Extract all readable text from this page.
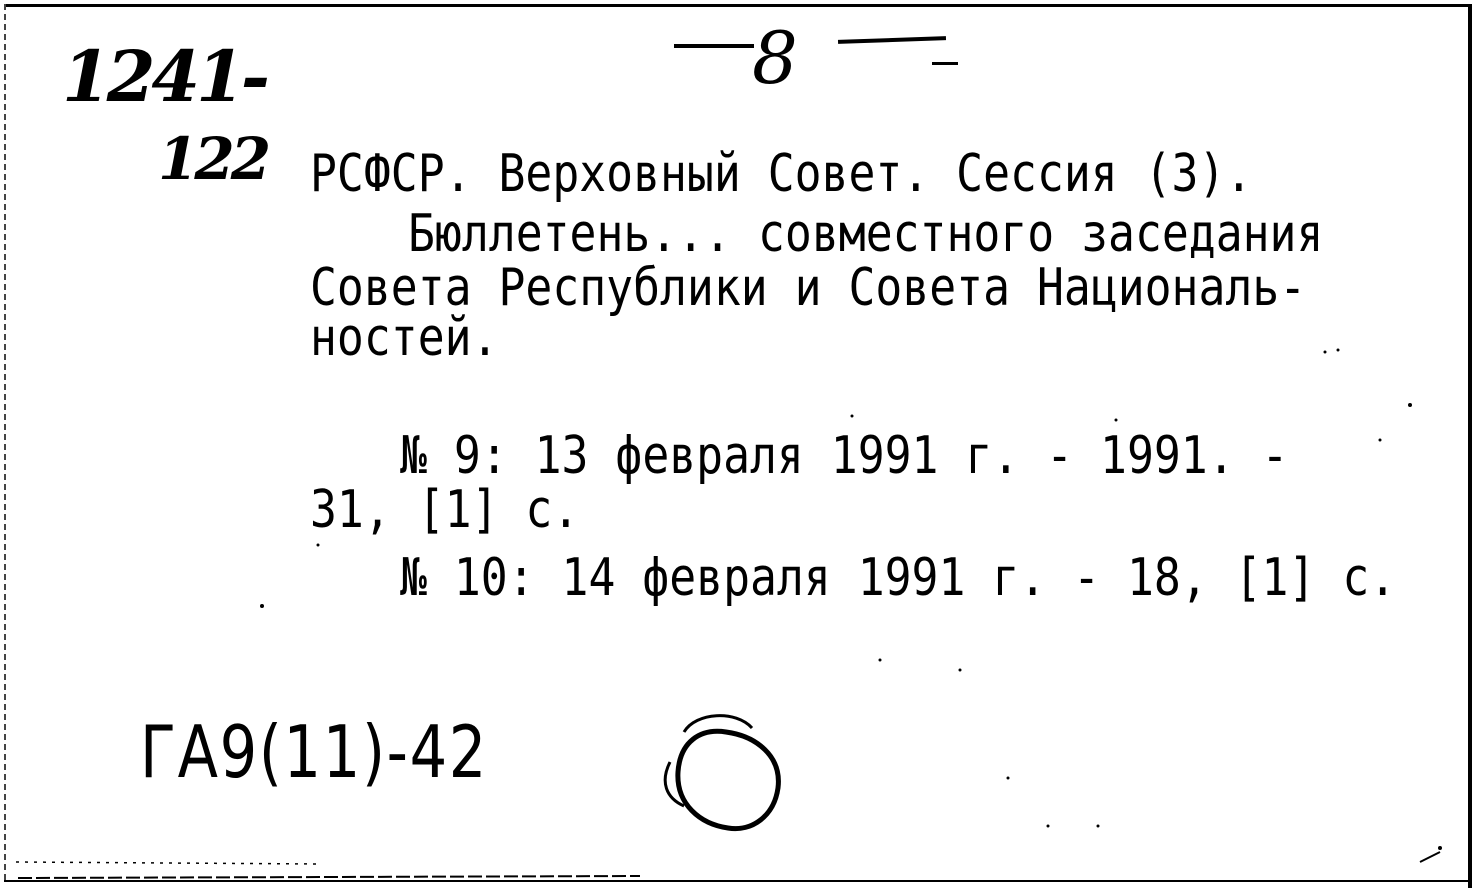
1241-
122
8
РСФСР. Верховный Совет. Сессия (3).
Бюллетень... совместного заседания
Совета Республики и Совета Националь-
ностей.
№ 9: 13 февраля 1991 г. - 1991. -
31, [1] с.
№ 10: 14 февраля 1991 г. - 18, [1] с.
ГА9(11)-42
